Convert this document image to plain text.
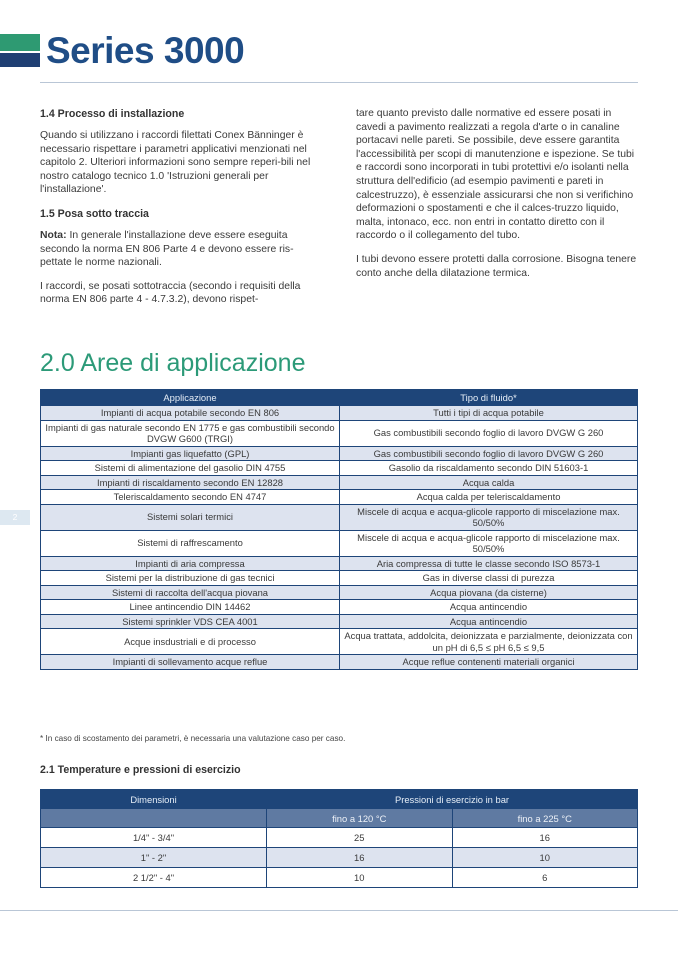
Series 3000
1.4 Processo di installazione

Quando si utilizzano i raccordi filettati Conex Bänninger è necessario rispettare i parametri applicativi menzionati nel capitolo 2. Ulteriori informazioni sono sempre reperi-bili nel nostro catalogo tecnico 1.0 'Istruzioni generali per l'installazione'.

1.5 Posa sotto traccia

Nota: In generale l'installazione deve essere eseguita secondo la norma EN 806 Parte 4 e devono essere ris-pettate le norme nazionali.

I raccordi, se posati sottotraccia (secondo i requisiti della norma EN 806 parte 4 - 4.7.3.2), devono rispet-

tare quanto previsto dalle normative ed essere posati in cavedi a pavimento realizzati a regola d'arte o in canaline portacavi nelle pareti. Se possibile, deve essere garantita l'accessibilità per scopi di manutenzione e ispezione. Se tubi e raccordi sono incorporati in tubi protettivi e/o isolanti nella struttura dell'edificio (ad esempio pavimenti e pareti in calcestruzzo), è essenziale assicurarsi che non si verifichino deformazioni o spostamenti e che il calces-truzzo liquido, malta, intonaco, ecc. non entri in contatto diretto con il raccordo o il collegamento del tubo.

I tubi devono essere protetti dalla corrosione. Bisogna tenere conto anche della dilatazione termica.

2.0 Aree di applicazione
Applicazione	Tipo di fluido*
Impianti di acqua potabile secondo EN 806	Tutti i tipi di acqua potabile
Impianti di gas naturale secondo EN 1775 e gas combustibili secondo DVGW G600 (TRGI)	Gas combustibili secondo foglio di lavoro DVGW G 260
Impianti gas liquefatto (GPL)	Gas combustibili secondo foglio di lavoro DVGW G 260
Sistemi di alimentazione del gasolio DIN 4755	Gasolio da riscaldamento secondo DIN 51603-1
Impianti di riscaldamento secondo EN 12828	Acqua calda
Teleriscaldamento secondo EN 4747	Acqua calda per teleriscaldamento
Sistemi solari termici	Miscele di acqua e acqua-glicole rapporto di miscelazione max. 50/50%
Sistemi di raffrescamento	Miscele di acqua e acqua-glicole rapporto di miscelazione max. 50/50%
Impianti di aria compressa	Aria compressa di tutte le classe secondo ISO 8573-1
Sistemi per la distribuzione di gas tecnici	Gas in diverse classi di purezza
Sistemi di raccolta dell'acqua piovana	Acqua piovana (da cisterne)
Linee antincendio DIN 14462	Acqua antincendio
Sistemi sprinkler VDS CEA 4001	Acqua antincendio
Acque insdustriali e di processo	Acqua trattata, addolcita, deionizzata e parzialmente, deionizzata con un pH di 6,5 ≤ pH 6,5 ≤ 9,5
Impianti di sollevamento acque reflue	Acque reflue contenenti materiali organici
* In caso di scostamento dei parametri, è necessaria una valutazione caso per caso.
2.1 Temperature e pressioni di esercizio
Dimensioni	Pressioni di esercizio in bar	
	fino a 120 °C	fino a 225 °C
1/4" - 3/4"	25	16
1" - 2"	16	10
2 1/2" - 4"	10	6
2
